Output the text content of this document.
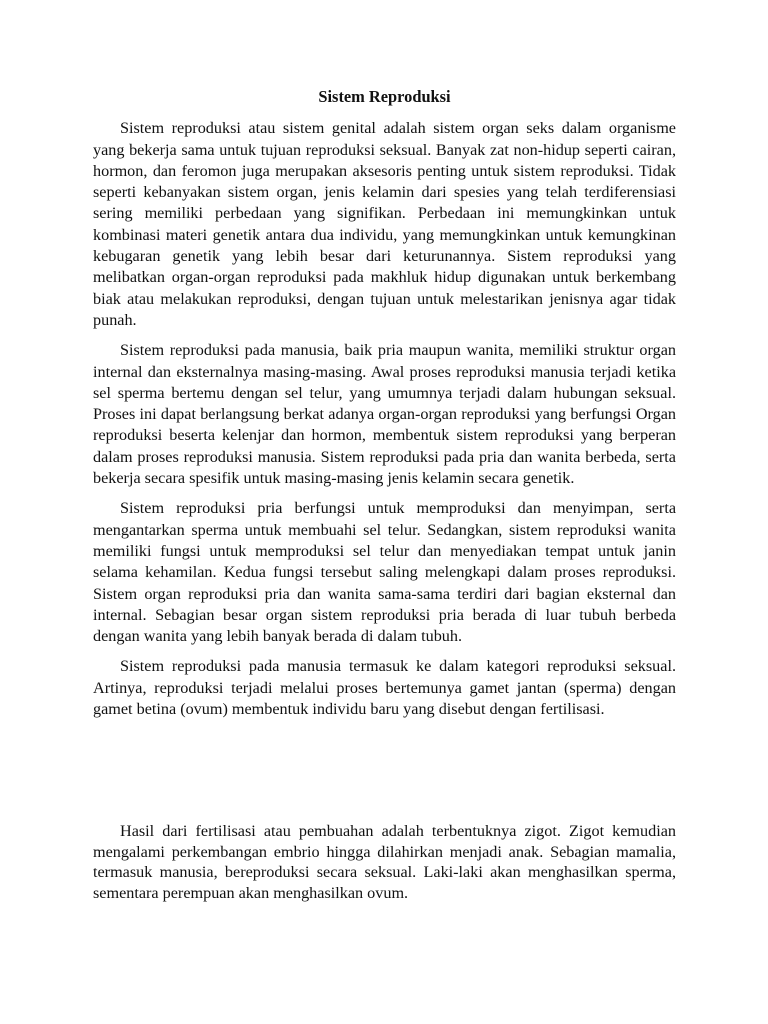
Sistem Reproduksi

Sistem reproduksi atau sistem genital adalah sistem organ seks dalam organisme yang bekerja sama untuk tujuan reproduksi seksual. Banyak zat non-hidup seperti cairan, hormon, dan feromon juga merupakan aksesoris penting untuk sistem reproduksi. Tidak seperti kebanyakan sistem organ, jenis kelamin dari spesies yang telah terdiferensiasi sering memiliki perbedaan yang signifikan. Perbedaan ini memungkinkan untuk kombinasi materi genetik antara dua individu, yang memungkinkan untuk kemungkinan kebugaran genetik yang lebih besar dari keturunannya. Sistem reproduksi yang melibatkan organ-organ reproduksi pada makhluk hidup digunakan untuk berkembang biak atau melakukan reproduksi, dengan tujuan untuk melestarikan jenisnya agar tidak punah.

Sistem reproduksi pada manusia, baik pria maupun wanita, memiliki struktur organ internal dan eksternalnya masing-masing. Awal proses reproduksi manusia terjadi ketika sel sperma bertemu dengan sel telur, yang umumnya terjadi dalam hubungan seksual. Proses ini dapat berlangsung berkat adanya organ-organ reproduksi yang berfungsi Organ reproduksi beserta kelenjar dan hormon, membentuk sistem reproduksi yang berperan dalam proses reproduksi manusia. Sistem reproduksi pada pria dan wanita berbeda, serta bekerja secara spesifik untuk masing-masing jenis kelamin secara genetik.

Sistem reproduksi pria berfungsi untuk memproduksi dan menyimpan, serta mengantarkan sperma untuk membuahi sel telur. Sedangkan, sistem reproduksi wanita memiliki fungsi untuk memproduksi sel telur dan menyediakan tempat untuk janin selama kehamilan. Kedua fungsi tersebut saling melengkapi dalam proses reproduksi. Sistem organ reproduksi pria dan wanita sama-sama terdiri dari bagian eksternal dan internal. Sebagian besar organ sistem reproduksi pria berada di luar tubuh berbeda dengan wanita yang lebih banyak berada di dalam tubuh.

Sistem reproduksi pada manusia termasuk ke dalam kategori reproduksi seksual. Artinya, reproduksi terjadi melalui proses bertemunya gamet jantan (sperma) dengan gamet betina (ovum) membentuk individu baru yang disebut dengan fertilisasi.

Hasil dari fertilisasi atau pembuahan adalah terbentuknya zigot. Zigot kemudian mengalami perkembangan embrio hingga dilahirkan menjadi anak. Sebagian mamalia, termasuk manusia, bereproduksi secara seksual. Laki-laki akan menghasilkan sperma, sementara perempuan akan menghasilkan ovum.
